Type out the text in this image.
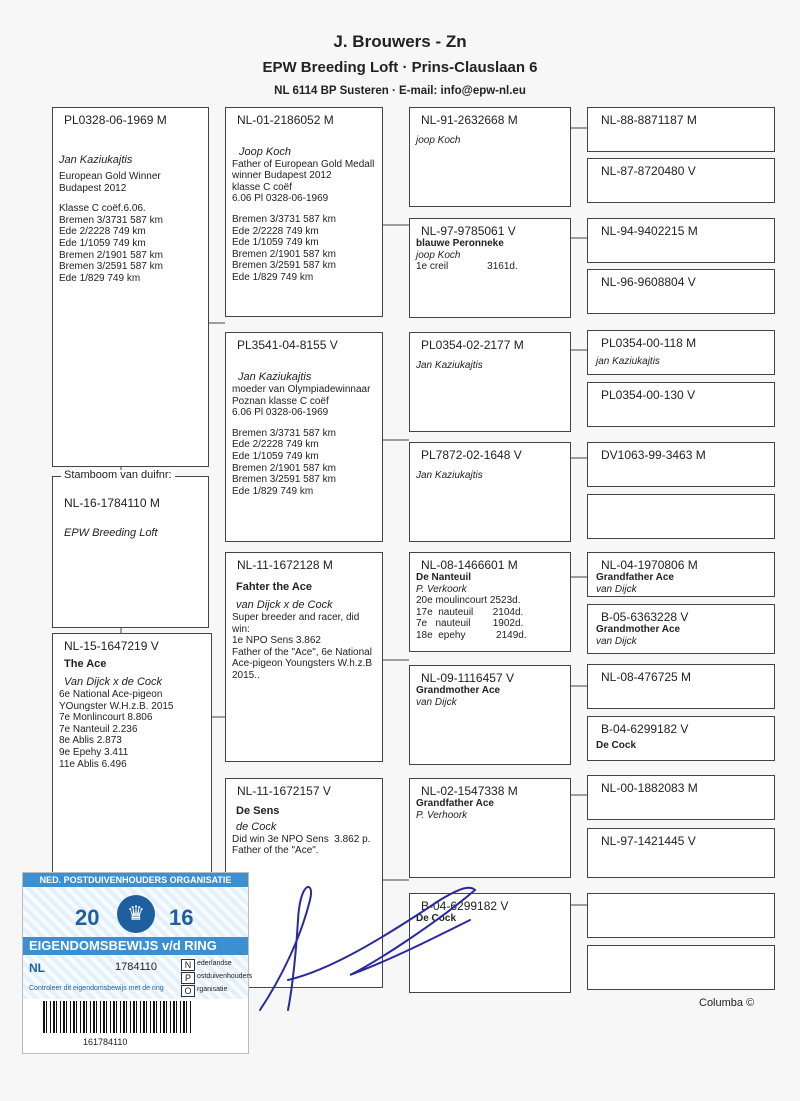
J. Brouwers - Zn
EPW Breeding Loft · Prins-Clauslaan 6
NL 6114 BP Susteren · E-mail: info@epw-nl.eu
PL0328-06-1969 M
Jan Kaziukajtis
European Gold Winner
Budapest 2012
Klasse C coëf.6.06.
Bremen 3/3731 587 km
Ede 2/2228 749 km
Ede 1/1059 749 km
Bremen 2/1901 587 km
Bremen 3/2591 587 km
Ede 1/829 749 km
Stamboom van duifnr:
NL-16-1784110 M
EPW Breeding Loft
NL-15-1647219 V
The Ace
Van Dijck x de Cock
6e National Ace-pigeon
YOungster W.H.z.B. 2015
7e Monlincourt 8.806
7e Nanteuil 2.236
8e Ablis 2.873
9e Epehy 3.411
11e Ablis 6.496
NL-01-2186052 M
Joop Koch
Father of European Gold Medall
winner Budapest 2012
klasse C coëf
6.06 Pl 0328-06-1969
Bremen 3/3731 587 km
Ede 2/2228 749 km
Ede 1/1059 749 km
Bremen 2/1901 587 km
Bremen 3/2591 587 km
Ede 1/829 749 km
PL3541-04-8155 V
Jan Kaziukajtis
moeder van Olympiadewinnaar
Poznan klasse C coëf
6.06 Pl 0328-06-1969
Bremen 3/3731 587 km
Ede 2/2228 749 km
Ede 1/1059 749 km
Bremen 2/1901 587 km
Bremen 3/2591 587 km
Ede 1/829 749 km
NL-11-1672128 M
Fahter the Ace
van Dijck x de Cock
Super breeder and racer, did
win:
1e NPO Sens 3.862
Father of the "Ace", 6e National
Ace-pigeon Youngsters W.h.z.B
2015..
NL-11-1672157 V
De Sens
de Cock
Did win 3e NPO Sens  3.862 p.
Father of the "Ace".
NL-91-2632668 M
joop Koch
NL-97-9785061 V
blauwe Peronneke
joop Koch
1e creil              3161d.
PL0354-02-2177 M
Jan Kaziukajtis
PL7872-02-1648 V
Jan Kaziukajtis
NL-08-1466601 M
De Nanteuil
P. Verkoork
20e moulincourt 2523d.
17e  nauteuil       2104d.
7e   nauteuil        1902d.
18e  epehy           2149d.
NL-09-1116457 V
Grandmother Ace
van Dijck
NL-02-1547338 M
Grandfather Ace
P. Verhoork
B-04-6299182 V
De Cock
NL-88-8871187 M
NL-87-8720480 V
NL-94-9402215 M
NL-96-9608804 V
PL0354-00-118 M
jan Kaziukajtis
PL0354-00-130 V
DV1063-99-3463 M
NL-04-1970806 M
Grandfather Ace
van Dijck
B-05-6363228 V
Grandmother Ace
van Dijck
NL-08-476725 M
B-04-6299182 V
De Cock
NL-00-1882083 M
NL-97-1421445 V
Columba ©
NED. POSTDUIVENHOUDERS ORGANISATIE
20	♛	16
EIGENDOMSBEWIJS v/d RING
NL	1784110	N ederlandse
P ostduivenhouders
O rganisatie
Controleer dit eigendomsbewijs met de ring
161784110
